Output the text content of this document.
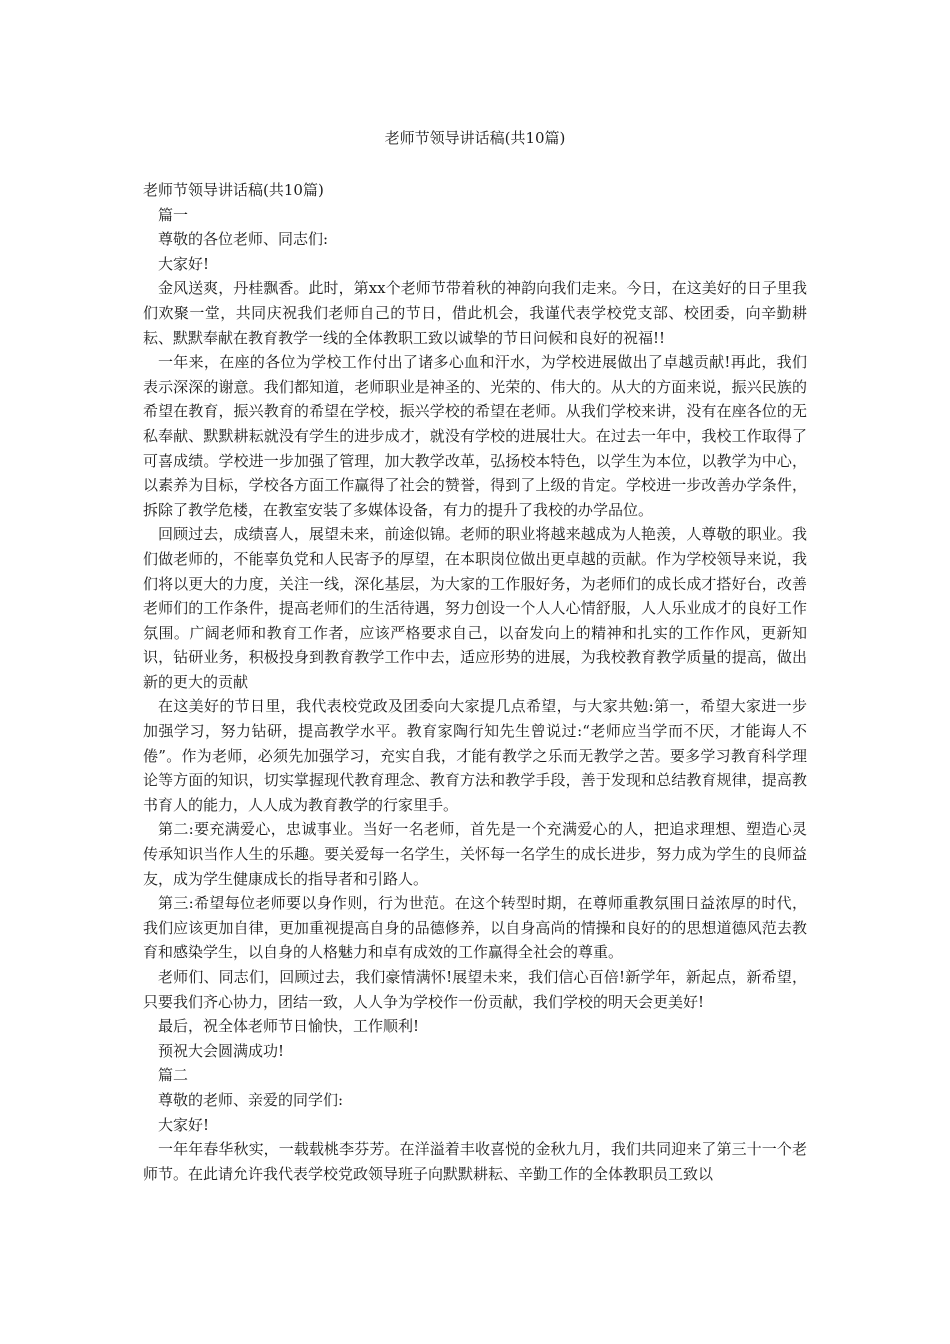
老师节领导讲话稿(共10篇)

老师节领导讲话稿(共10篇)

篇一

尊敬的各位老师、同志们:

大家好!

金风送爽，丹桂飘香。此时，第xx个老师节带着秋的神韵向我们走来。今日，在这美好的日子里我们欢聚一堂，共同庆祝我们老师自己的节日，借此机会，我谨代表学校党支部、校团委，向辛勤耕耘、默默奉献在教育教学一线的全体教职工致以诚挚的节日问候和良好的祝福!!

一年来，在座的各位为学校工作付出了诸多心血和汗水，为学校进展做出了卓越贡献!再此，我们表示深深的谢意。我们都知道，老师职业是神圣的、光荣的、伟大的。从大的方面来说，振兴民族的希望在教育，振兴教育的希望在学校，振兴学校的希望在老师。从我们学校来讲，没有在座各位的无私奉献、默默耕耘就没有学生的进步成才，就没有学校的进展壮大。在过去一年中，我校工作取得了可喜成绩。学校进一步加强了管理，加大教学改革，弘扬校本特色，以学生为本位，以教学为中心，以素养为目标，学校各方面工作赢得了社会的赞誉，得到了上级的肯定。学校进一步改善办学条件，拆除了教学危楼，在教室安装了多媒体设备，有力的提升了我校的办学品位。

回顾过去，成绩喜人，展望未来，前途似锦。老师的职业将越来越成为人艳羡，人尊敬的职业。我们做老师的，不能辜负党和人民寄予的厚望，在本职岗位做出更卓越的贡献。作为学校领导来说，我们将以更大的力度，关注一线，深化基层，为大家的工作服好务，为老师们的成长成才搭好台，改善老师们的工作条件，提高老师们的生活待遇，努力创设一个人人心情舒服，人人乐业成才的良好工作氛围。广阔老师和教育工作者，应该严格要求自己，以奋发向上的精神和扎实的工作作风，更新知识，钻研业务，积极投身到教育教学工作中去，适应形势的进展，为我校教育教学质量的提高，做出新的更大的贡献

在这美好的节日里，我代表校党政及团委向大家提几点希望，与大家共勉:第一，希望大家进一步加强学习，努力钻研，提高教学水平。教育家陶行知先生曾说过:“老师应当学而不厌，才能诲人不倦”。作为老师，必须先加强学习，充实自我，才能有教学之乐而无教学之苦。要多学习教育科学理论等方面的知识，切实掌握现代教育理念、教育方法和教学手段，善于发现和总结教育规律，提高教书育人的能力，人人成为教育教学的行家里手。

第二:要充满爱心，忠诚事业。当好一名老师，首先是一个充满爱心的人，把追求理想、塑造心灵传承知识当作人生的乐趣。要关爱每一名学生，关怀每一名学生的成长进步，努力成为学生的良师益友，成为学生健康成长的指导者和引路人。

第三:希望每位老师要以身作则，行为世范。在这个转型时期，在尊师重教氛围日益浓厚的时代，我们应该更加自律，更加重视提高自身的品德修养，以自身高尚的情操和良好的的思想道德风范去教育和感染学生，以自身的人格魅力和卓有成效的工作赢得全社会的尊重。

老师们、同志们，回顾过去，我们豪情满怀!展望未来，我们信心百倍!新学年，新起点，新希望，只要我们齐心协力，团结一致，人人争为学校作一份贡献，我们学校的明天会更美好!

最后，祝全体老师节日愉快，工作顺利!

预祝大会圆满成功!

篇二

尊敬的老师、亲爱的同学们:

大家好!

一年年春华秋实，一载载桃李芬芳。在洋溢着丰收喜悦的金秋九月，我们共同迎来了第三十一个老师节。在此请允许我代表学校党政领导班子向默默耕耘、辛勤工作的全体教职员工致以
